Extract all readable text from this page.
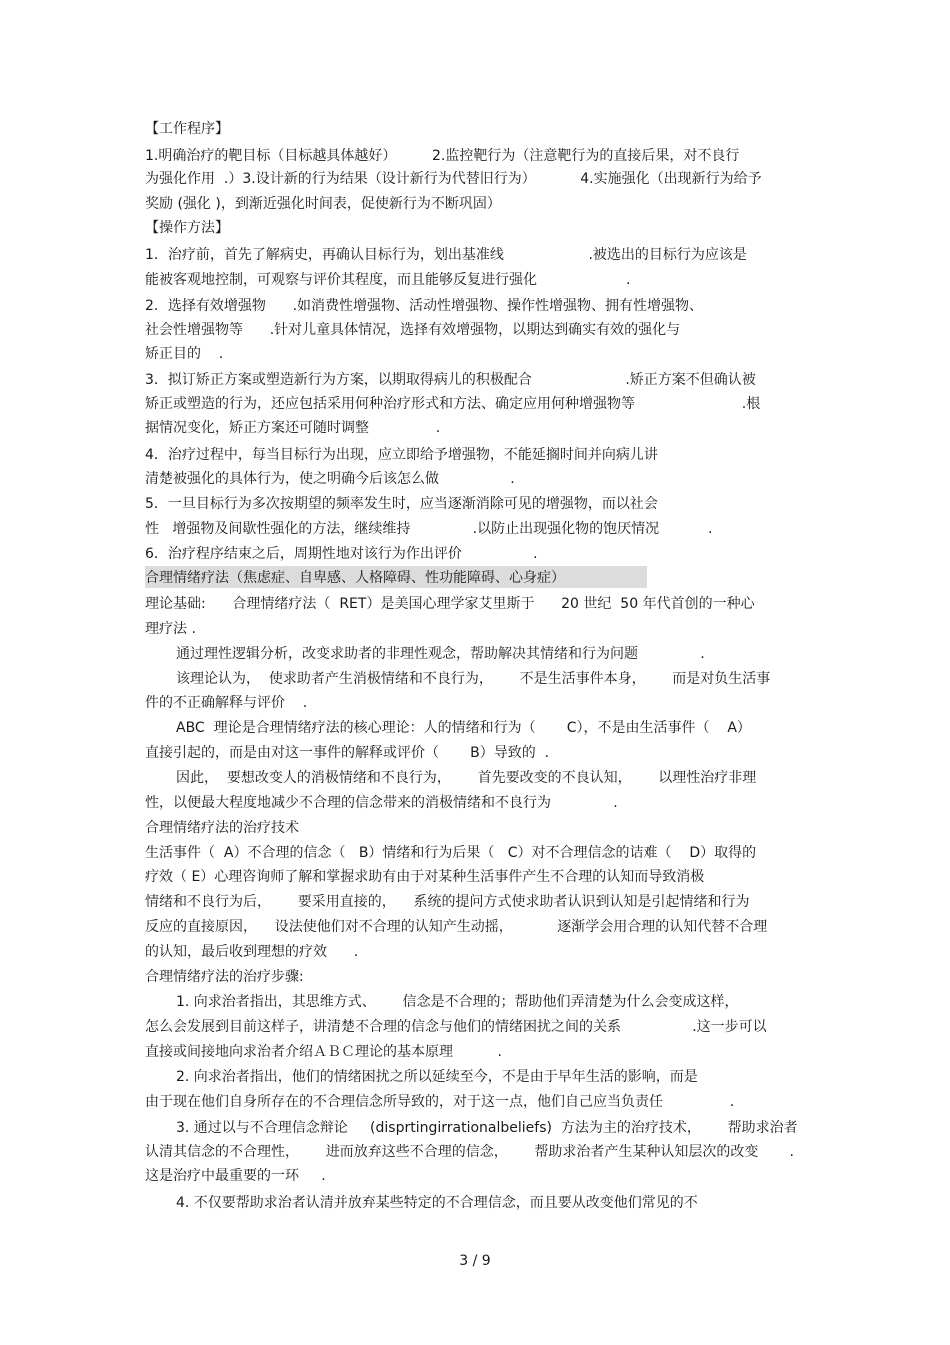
【工作程序】
1.明确治疗的靶目标（目标越具体越好）        2.监控靶行为（注意靶行为的直接后果，对不良行
为强化作用  .）3.设计新的行为结果（设计新行为代替旧行为）          4.实施强化（出现新行为给予
奖励 (强化 )，到渐近强化时间表，促使新行为不断巩固）
【操作方法】
1．治疗前，首先了解病史，再确认目标行为，划出基准线                   .被选出的目标行为应该是
能被客观地控制，可观察与评价其程度，而且能够反复进行强化                    .
2．选择有效增强物      .如消费性增强物、活动性增强物、操作性增强物、拥有性增强物、
社会性增强物等      .针对儿童具体情况，选择有效增强物，以期达到确实有效的强化与
矫正目的    .
3．拟订矫正方案或塑造新行为方案，以期取得病儿的积极配合                     .矫正方案不但确认被
矫正或塑造的行为，还应包括采用何种治疗形式和方法、确定应用何种增强物等                        .根
据情况变化，矫正方案还可随时调整               .
4．治疗过程中，每当目标行为出现，应立即给予增强物，不能延搁时间并向病儿讲
清楚被强化的具体行为，使之明确今后该怎么做                .
5．一旦目标行为多次按期望的频率发生时，应当逐渐消除可见的增强物，而以社会
性   增强物及间歇性强化的方法，继续维持              .以防止出现强化物的饱厌情况           .
6．治疗程序结束之后，周期性地对该行为作出评价                .
合理情绪疗法（焦虑症、自卑感、人格障碍、性功能障碍、心身症）
理论基础:      合理情绪疗法（  RET）是美国心理学家艾里斯于      20 世纪  50 年代首创的一种心
理疗法 .
通过理性逻辑分析，改变求助者的非理性观念，帮助解决其情绪和行为问题              .
该理论认为，  使求助者产生消极情绪和不良行为，      不是生活事件本身，      而是对负生活事
件的不正确解释与评价    .
ABC  理论是合理情绪疗法的核心理论：人的情绪和行为（       C），不是由生活事件（    A）
直接引起的，而是由对这一事件的解释或评价（       B）导致的  .
因此，  要想改变人的消极情绪和不良行为，      首先要改变的不良认知，      以理性治疗非理
性，以便最大程度地减少不合理的信念带来的消极情绪和不良行为              .
合理情绪疗法的治疗技术
生活事件（  A）不合理的信念（   B）情绪和行为后果（   C）对不合理信念的诘难（    D）取得的
疗效（ E）心理咨询师了解和掌握求助有由于对某种生活事件产生不合理的认知而导致消极
情绪和不良行为后，      要采用直接的，    系统的提问方式使求助者认识到认知是引起情绪和行为
反应的直接原因，    设法使他们对不合理的认知产生动摇，          逐渐学会用合理的认知代替不合理
的认知，最后收到理想的疗效      .
合理情绪疗法的治疗步骤:
1. 向求治者指出，其思维方式、      信念是不合理的；帮助他们弄清楚为什么会变成这样，
怎么会发展到目前这样子，讲清楚不合理的信念与他们的情绪困扰之间的关系                .这一步可以
直接或间接地向求治者介绍ＡＢＣ理论的基本原理          .
2. 向求治者指出，他们的情绪困扰之所以延续至今，不是由于早年生活的影响，而是
由于现在他们自身所存在的不合理信念所导致的，对于这一点，他们自己应当负责任               .
3. 通过以与不合理信念辩论     (disprtingirrationalbeliefs)  方法为主的治疗技术，      帮助求治者
认清其信念的不合理性，      进而放弃这些不合理的信念，      帮助求治者产生某种认知层次的改变       .
这是治疗中最重要的一环     .
4. 不仅要帮助求治者认清并放弃某些特定的不合理信念，而且要从改变他们常见的不
3 / 9
